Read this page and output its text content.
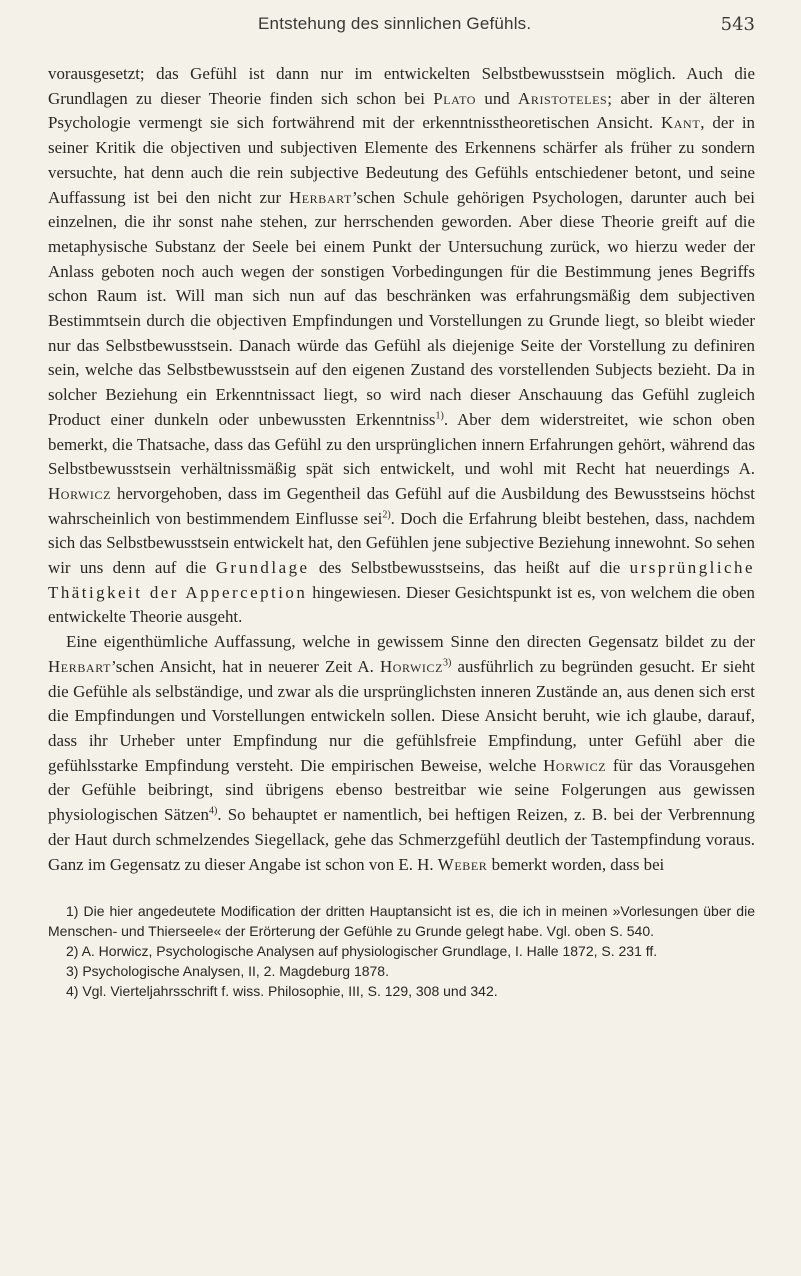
Entstehung des sinnlichen Gefühls.	543

vorausgesetzt; das Gefühl ist dann nur im entwickelten Selbstbewusstsein möglich. Auch die Grundlagen zu dieser Theorie finden sich schon bei Plato und Aristoteles; aber in der älteren Psychologie vermengt sie sich fortwährend mit der erkenntnisstheoretischen Ansicht. Kant, der in seiner Kritik die objectiven und subjectiven Elemente des Erkennens schärfer als früher zu sondern versuchte, hat denn auch die rein subjective Bedeutung des Gefühls entschiedener betont, und seine Auffassung ist bei den nicht zur Herbart’schen Schule gehörigen Psychologen, darunter auch bei einzelnen, die ihr sonst nahe stehen, zur herrschenden geworden. Aber diese Theorie greift auf die metaphysische Substanz der Seele bei einem Punkt der Untersuchung zurück, wo hierzu weder der Anlass geboten noch auch wegen der sonstigen Vorbedingungen für die Bestimmung jenes Begriffs schon Raum ist. Will man sich nun auf das beschränken was erfahrungsmäßig dem subjectiven Bestimmtsein durch die objectiven Empfindungen und Vorstellungen zu Grunde liegt, so bleibt wieder nur das Selbstbewusstsein. Danach würde das Gefühl als diejenige Seite der Vorstellung zu definiren sein, welche das Selbstbewusstsein auf den eigenen Zustand des vorstellenden Subjects bezieht. Da in solcher Beziehung ein Erkenntnissact liegt, so wird nach dieser Anschauung das Gefühl zugleich Product einer dunkeln oder unbewussten Erkenntniss$^{1)}$. Aber dem widerstreitet, wie schon oben bemerkt, die Thatsache, dass das Gefühl zu den ursprünglichen innern Erfahrungen gehört, während das Selbstbewusstsein verhältnissmäßig spät sich entwickelt, und wohl mit Recht hat neuerdings A. Horwicz hervorgehoben, dass im Gegentheil das Gefühl auf die Ausbildung des Bewusstseins höchst wahrscheinlich von bestimmendem Einflusse sei$^{2)}$. Doch die Erfahrung bleibt bestehen, dass, nachdem sich das Selbstbewusstsein entwickelt hat, den Gefühlen jene subjective Beziehung innewohnt. So sehen wir uns denn auf die Grundlage des Selbstbewusstseins, das heißt auf die ursprüngliche Thätigkeit der Apperception hingewiesen. Dieser Gesichtspunkt ist es, von welchem die oben entwickelte Theorie ausgeht.

Eine eigenthümliche Auffassung, welche in gewissem Sinne den directen Gegensatz bildet zu der Herbart’schen Ansicht, hat in neuerer Zeit A. Horwicz$^{3)}$ ausführlich zu begründen gesucht. Er sieht die Gefühle als selbständige, und zwar als die ursprünglichsten inneren Zustände an, aus denen sich erst die Empfindungen und Vorstellungen entwickeln sollen. Diese Ansicht beruht, wie ich glaube, darauf, dass ihr Urheber unter Empfindung nur die gefühlsfreie Empfindung, unter Gefühl aber die gefühlsstarke Empfindung versteht. Die empirischen Beweise, welche Horwicz für das Vorausgehen der Gefühle beibringt, sind übrigens ebenso bestreitbar wie seine Folgerungen aus gewissen physiologischen Sätzen$^{4)}$. So behauptet er namentlich, bei heftigen Reizen, z. B. bei der Verbrennung der Haut durch schmelzendes Siegellack, gehe das Schmerzgefühl deutlich der Tastempfindung voraus. Ganz im Gegensatz zu dieser Angabe ist schon von E. H. Weber bemerkt worden, dass bei

1) Die hier angedeutete Modification der dritten Hauptansicht ist es, die ich in meinen »Vorlesungen über die Menschen- und Thierseele« der Erörterung der Gefühle zu Grunde gelegt habe. Vgl. oben S. 540.

2) A. Horwicz, Psychologische Analysen auf physiologischer Grundlage, I. Halle 1872, S. 231 ff.

3) Psychologische Analysen, II, 2. Magdeburg 1878.

4) Vgl. Vierteljahrsschrift f. wiss. Philosophie, III, S. 129, 308 und 342.
